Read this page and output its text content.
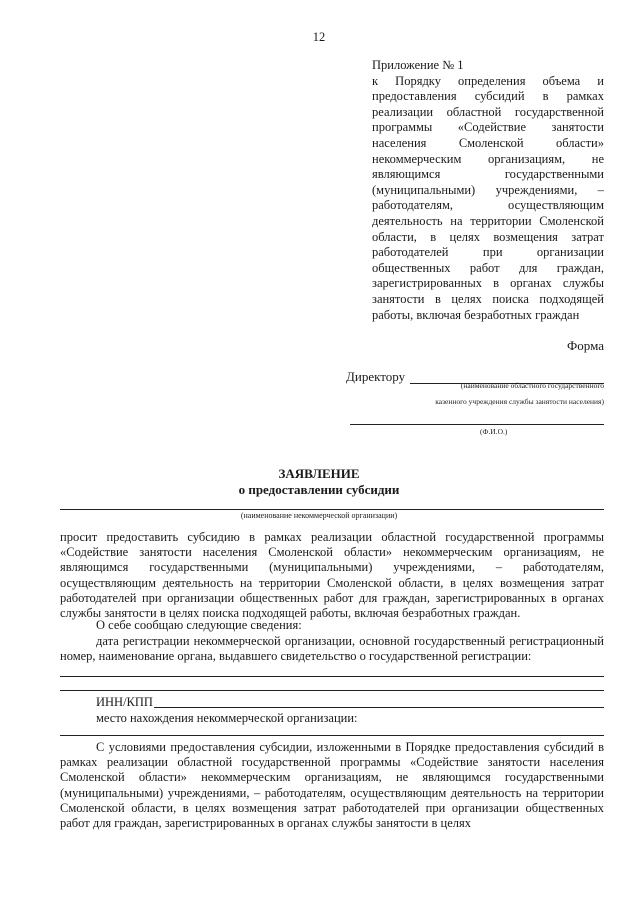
12
Приложение № 1
к Порядку определения объема и предоставления субсидий в рамках реализации областной государственной программы «Содействие занятости населения Смоленской области» некоммерческим организациям, не являющимся государственными (муниципальными) учреждениями, – работодателям, осуществляющим деятельность на территории Смоленской области, в целях возмещения затрат работодателей при организации общественных работ для граждан, зарегистрированных в органах службы занятости в целях поиска подходящей работы, включая безработных граждан
Форма
Директору
(наименование областного государственного
казенного учреждения службы занятости населения)
(Ф.И.О.)
ЗАЯВЛЕНИЕ
о предоставлении субсидии
(наименование некоммерческой организации)
просит предоставить субсидию в рамках реализации областной государственной программы «Содействие занятости населения Смоленской области» некоммерческим организациям, не являющимся государственными (муниципальными) учреждениями, – работодателям, осуществляющим деятельность на территории Смоленской области, в целях возмещения затрат работодателей при организации общественных работ для граждан, зарегистрированных в органах службы занятости в целях поиска подходящей работы, включая безработных граждан.
О себе сообщаю следующие сведения:
дата регистрации некоммерческой организации, основной государственный регистрационный номер, наименование органа, выдавшего свидетельство о государственной регистрации:
ИНН/КПП
место нахождения некоммерческой организации:
С условиями предоставления субсидии, изложенными в Порядке предоставления субсидий в рамках реализации областной государственной программы «Содействие занятости населения Смоленской области» некоммерческим организациям, не являющимся государственными (муниципальными) учреждениями, – работодателям, осуществляющим деятельность на территории Смоленской области, в целях возмещения затрат работодателей при организации общественных работ для граждан, зарегистрированных в органах службы занятости в целях
